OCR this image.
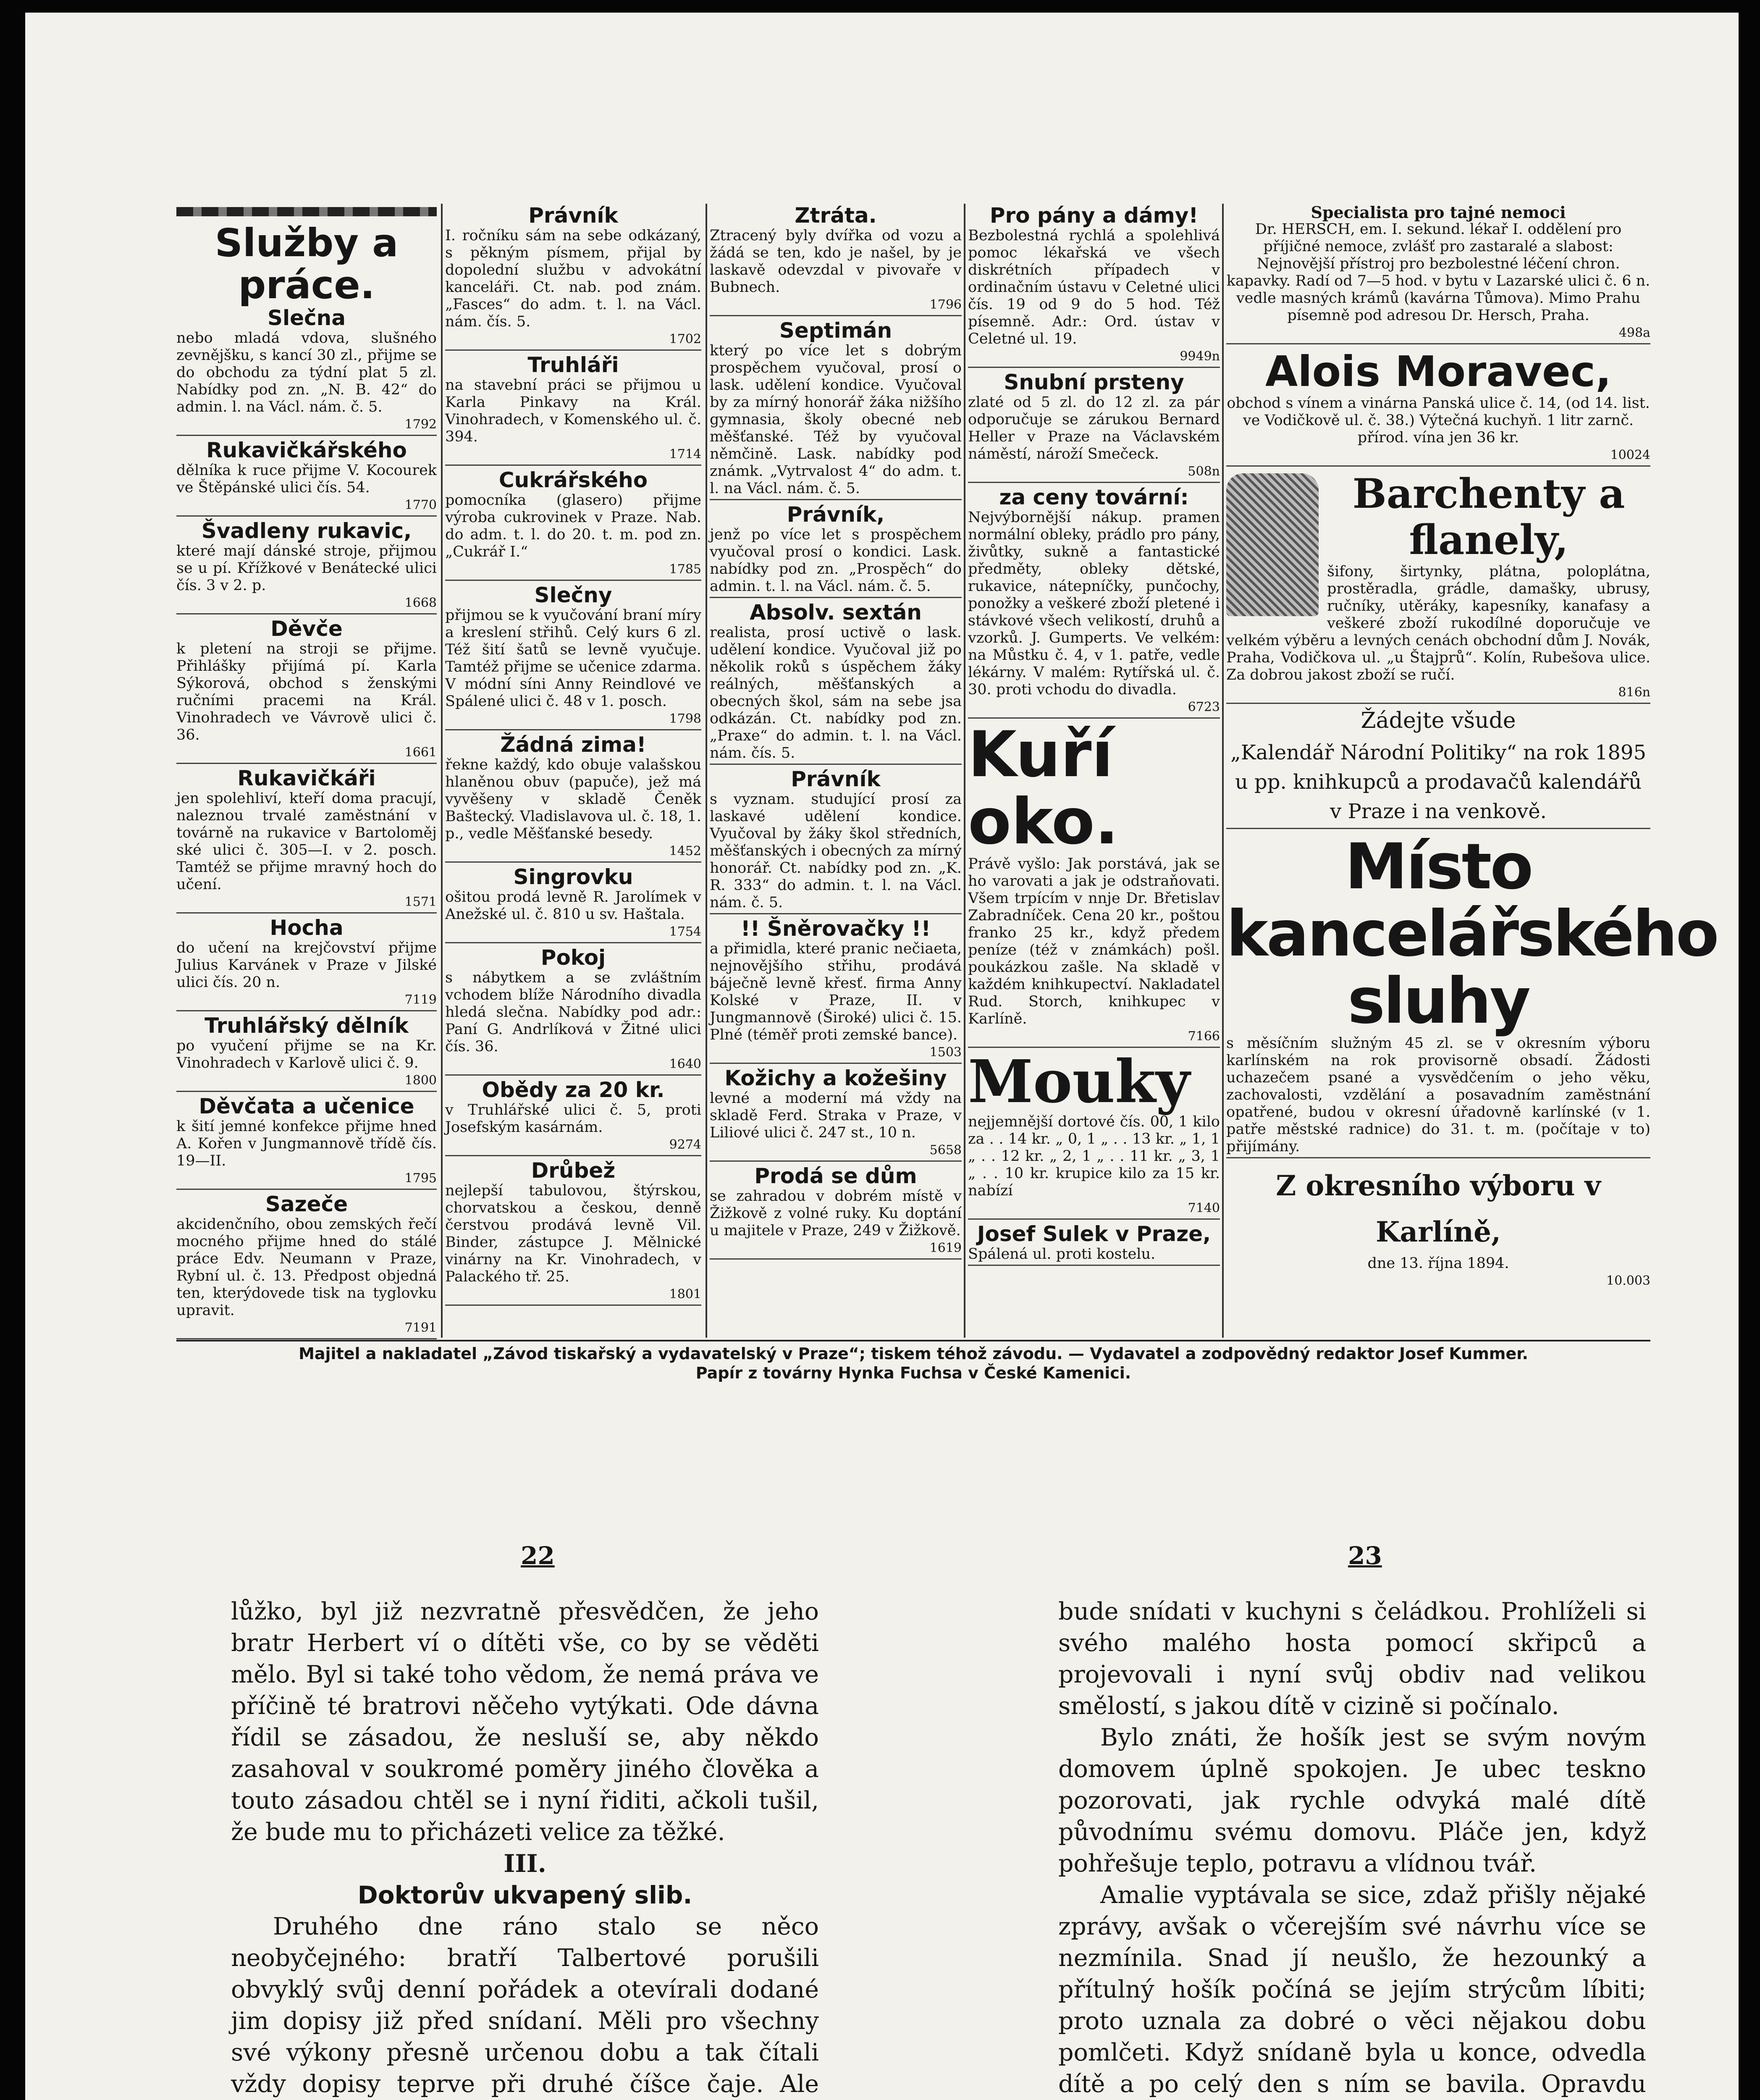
Služby a práce.
Slečna
nebo mladá vdova, slušného zevnějšku, s kancí 30 zl., přijme se do obchodu za týdní plat 5 zl. Nabídky pod zn. „N. B. 42“ do admin. l. na Václ. nám. č. 5.
1792
Rukavičkářského
dělníka k ruce přijme V. Kocourek ve Štěpánské ulici čís. 54.
1770
Švadleny rukavic,
které mají dánské stroje, přijmou se u pí. Křížkové v Benátecké ulici čís. 3 v 2. p.
1668
Děvče
k pletení na stroji se přijme. Přihlášky přijímá pí. Karla Sýkorová, obchod s ženskými ručními pracemi na Král. Vinohradech ve Vávrově ulici č. 36.
1661
Rukavičkáři
jen spolehliví, kteří doma pracují, naleznou trvalé zaměstnání v továrně na rukavice v Bartoloměj ské ulici č. 305—I. v 2. posch. Tamtéž se přijme mravný hoch do učení.
1571
Hocha
do učení na krejčovství přijme Julius Karvánek v Praze v Jilské ulici čís. 20 n.
7119
Truhlářský dělník
po vyučení přijme se na Kr. Vinohradech v Karlově ulici č. 9.
1800
Děvčata a učenice
k šití jemné konfekce přijme hned A. Kořen v Jungmannově třídě čís. 19—II.
1795
Sazeče
akcidenčního, obou zemských řečí mocného přijme hned do stálé práce Edv. Neumann v Praze, Rybní ul. č. 13. Předpost objedná ten, kterýdovede tisk na tyglovku upravit.
7191
Právník
I. ročníku sám na sebe odkázaný, s pěkným písmem, přijal by dopolední službu v advokátní kanceláři. Ct. nab. pod znám. „Fasces“ do adm. t. l. na Václ. nám. čís. 5.
1702
Truhláři
na stavební práci se přijmou u Karla Pinkavy na Král. Vinohradech, v Komenského ul. č. 394.
1714
Cukrářského
pomocníka (glasero) přijme výroba cukrovinek v Praze. Nab. do adm. t. l. do 20. t. m. pod zn. „Cukrář I.“
1785
Slečny
přijmou se k vyučování braní míry a kreslení střihů. Celý kurs 6 zl. Též šití šatů se levně vyučuje. Tamtéž přijme se učenice zdarma. V módní síni Anny Reindlové ve Spálené ulici č. 48 v 1. posch.
1798
Žádná zima!
řekne každý, kdo obuje valašskou hlaněnou obuv (papuče), jež má vyvěšeny v skladě Čeněk Baštecký. Vladislavova ul. č. 18, 1. p., vedle Měšťanské besedy.
1452
Singrovku
ošitou prodá levně R. Jarolímek v Anežské ul. č. 810 u sv. Haštala.
1754
Pokoj
s nábytkem a se zvláštním vchodem blíže Národního divadla hledá slečna. Nabídky pod adr.: Paní G. Andrlíková v Žitné ulici čís. 36.
1640
Obědy za 20 kr.
v Truhlářské ulici č. 5, proti Josefským kasárnám.
9274
Drůbež
nejlepší tabulovou, štýrskou, chorvatskou a českou, denně čerstvou prodává levně Vil. Binder, zástupce J. Mělnické vinárny na Kr. Vinohradech, v Palackého tř. 25.
1801
Ztráta.
Ztracený byly dvířka od vozu a žádá se ten, kdo je našel, by je laskavě odevzdal v pivovaře v Bubnech.
1796
Septimán
který po více let s dobrým prospěchem vyučoval, prosí o lask. udělení kondice. Vyučoval by za mírný honorář žáka nižšího gymnasia, školy obecné neb měšťanské. Též by vyučoval němčině. Lask. nabídky pod známk. „Vytrvalost 4“ do adm. t. l. na Václ. nám. č. 5.
Právník,
jenž po více let s prospěchem vyučoval prosí o kondici. Lask. nabídky pod zn. „Prospěch“ do admin. t. l. na Václ. nám. č. 5.
Absolv. sextán
realista, prosí uctivě o lask. udělení kondice. Vyučoval již po několik roků s úspěchem žáky reálných, měšťanských a obecných škol, sám na sebe jsa odkázán. Ct. nabídky pod zn. „Praxe“ do admin. t. l. na Václ. nám. čís. 5.
Právník
s vyznam. studující prosí za laskavé udělení kondice. Vyučoval by žáky škol středních, měšťanských i obecných za mírný honorář. Ct. nabídky pod zn. „K. R. 333“ do admin. t. l. na Václ. nám. č. 5.
!! Šněrovačky !!
a přimidla, které pranic nečiaeta, nejnovějšího střihu, prodává báječně levně křesť. firma Anny Kolské v Praze, II. v Jungmannově (Široké) ulici č. 15. Plné (téměř proti zemské bance).
1503
Kožichy a kožešiny
levné a moderní má vždy na skladě Ferd. Straka v Praze, v Liliové ulici č. 247 st., 10 n.
5658
Prodá se dům
se zahradou v dobrém místě v Žižkově z volné ruky. Ku doptání u majitele v Praze, 249 v Žižkově.
1619
Pro pány a dámy!
Bezbolestná rychlá a spolehlivá pomoc lékařská ve všech diskrétních případech v ordinačním ústavu v Celetné ulici čís. 19 od 9 do 5 hod. Též písemně. Adr.: Ord. ústav v Celetné ul. 19.
9949n
Snubní prsteny
zlaté od 5 zl. do 12 zl. za pár odporučuje se zárukou Bernard Heller v Praze na Václavském náměstí, nároží Smečeck.
508n
za ceny tovární:
Nejvýbornější nákup. pramen normální obleky, prádlo pro pány, živůtky, sukně a fantastické předměty, obleky dětské, rukavice, nátepníčky, punčochy, ponožky a veškeré zboží pletené i stávkové všech velikostí, druhů a vzorků. J. Gumperts. Ve velkém: na Můstku č. 4, v 1. patře, vedle lékárny. V malém: Rytířská ul. č. 30. proti vchodu do divadla.
6723
Kuří oko.
Právě vyšlo: Jak porstává, jak se ho varovati a jak je odstraňovati. Všem trpícím v nnje Dr. Břetislav Zabradníček. Cena 20 kr., poštou franko 25 kr., když předem peníze (též v známkách) pošl. poukázkou zašle. Na skladě v každém knihkupectví. Nakladatel Rud. Storch, knihkupec v Karlíně.
7166
Mouky
nejjemnější dortové čís. 00, 1 kilo za . . 14 kr. „ 0, 1 „ . . 13 kr. „ 1, 1 „ . . 12 kr. „ 2, 1 „ . . 11 kr. „ 3, 1 „ . . 10 kr. krupice kilo za 15 kr. nabízí
7140
Josef Sulek v Praze,
Spálená ul. proti kostelu.
Specialista pro tajné nemoci
Dr. HERSCH, em. I. sekund. lékař I. oddělení pro příjičné nemoce, zvlášť pro zastaralé a slabost: Nejnovější přístroj pro bezbolestné léčení chron. kapavky. Radí od 7—5 hod. v bytu v Lazarské ulici č. 6 n. vedle masných krámů (kavárna Tůmova). Mimo Prahu písemně pod adresou Dr. Hersch, Praha.
498a
Alois Moravec,
obchod s vínem a vinárna Panská ulice č. 14, (od 14. list. ve Vodičkově ul. č. 38.) Výtečná kuchyň. 1 litr zarnč. přírod. vína jen 36 kr.
10024
Barchenty a flanely,
šifony, širtynky, plátna, poloplátna, prostěradla, grádle, damašky, ubrusy, ručníky, utěráky, kapesníky, kanafasy a veškeré zboží rukodílné doporučuje ve velkém výběru a levných cenách obchodní dům J. Novák, Praha, Vodičkova ul. „u Štajprů“. Kolín, Rubešova ulice. Za dobrou jakost zboží se ručí.
816n
Žádejte všude
„Kalendář Národní Politiky“ na rok 1895 u pp. knihkupců a prodavačů kalendářů v Praze i na venkově.
Místo kancelářského sluhy
s měsíčním služným 45 zl. se v okresním výboru karlínském na rok provisorně obsadí. Žádosti uchazečem psané a vysvědčením o jeho věku, zachovalosti, vzdělání a posavadním zaměstnání opatřené, budou v okresní úřadovně karlínské (v 1. patře městské radnice) do 31. t. m. (počítaje v to) přijímány.
Z okresního výboru v Karlíně,
dne 13. října 1894.
10.003
Majitel a nakladatel „Závod tiskařský a vydavatelský v Praze“; tiskem téhož závodu. — Vydavatel a zodpovědný redaktor Josef Kummer.
Papír z továrny Hynka Fuchsa v České Kamenici.
22	23

lůžko, byl již nezvratně přesvědčen, že jeho bratr Herbert ví o dítěti vše, co by se věděti mělo. Byl si také toho vědom, že nemá práva ve příčině té bratrovi něčeho vytýkati. Ode dávna řídil se zásadou, že nesluší se, aby někdo zasahoval v soukromé poměry jiného člověka a touto zásadou chtěl se i nyní řiditi, ačkoli tušil, že bude mu to přicházeti velice za těžké.

III.

Doktorův ukvapený slib.

Druhého dne ráno stalo se něco neobyčejného: bratří Talbertové porušili obvyklý svůj denní pořádek a otevírali dodané jim dopisy již před snídaní. Měli pro všechny své výkony přesně určenou dobu a tak čítali vždy dopisy teprve při druhé číšce čaje. Ale

bude snídati v kuchyni s čeládkou. Prohlíželi si svého malého hosta pomocí skřipců a projevovali i nyní svůj obdiv nad velikou smělostí, s jakou dítě v cizině si počínalo.

Bylo znáti, že hošík jest se svým novým domovem úplně spokojen. Je ubec teskno pozorovati, jak rychle odvyká malé dítě původnímu svému domovu. Pláče jen, když pohřešuje teplo, potravu a vlídnou tvář.

Amalie vyptávala se sice, zdaž přišly nějaké zprávy, avšak o včerejším své návrhu více se nezmínila. Snad jí neušlo, že hezounký a přítulný hošík počíná se jejím strýcům líbiti; proto uznala za dobré o věci nějakou dobu pomlčeti. Když snídaně byla u konce, odvedla dítě a po celý den s ním se bavila. Opravdu
